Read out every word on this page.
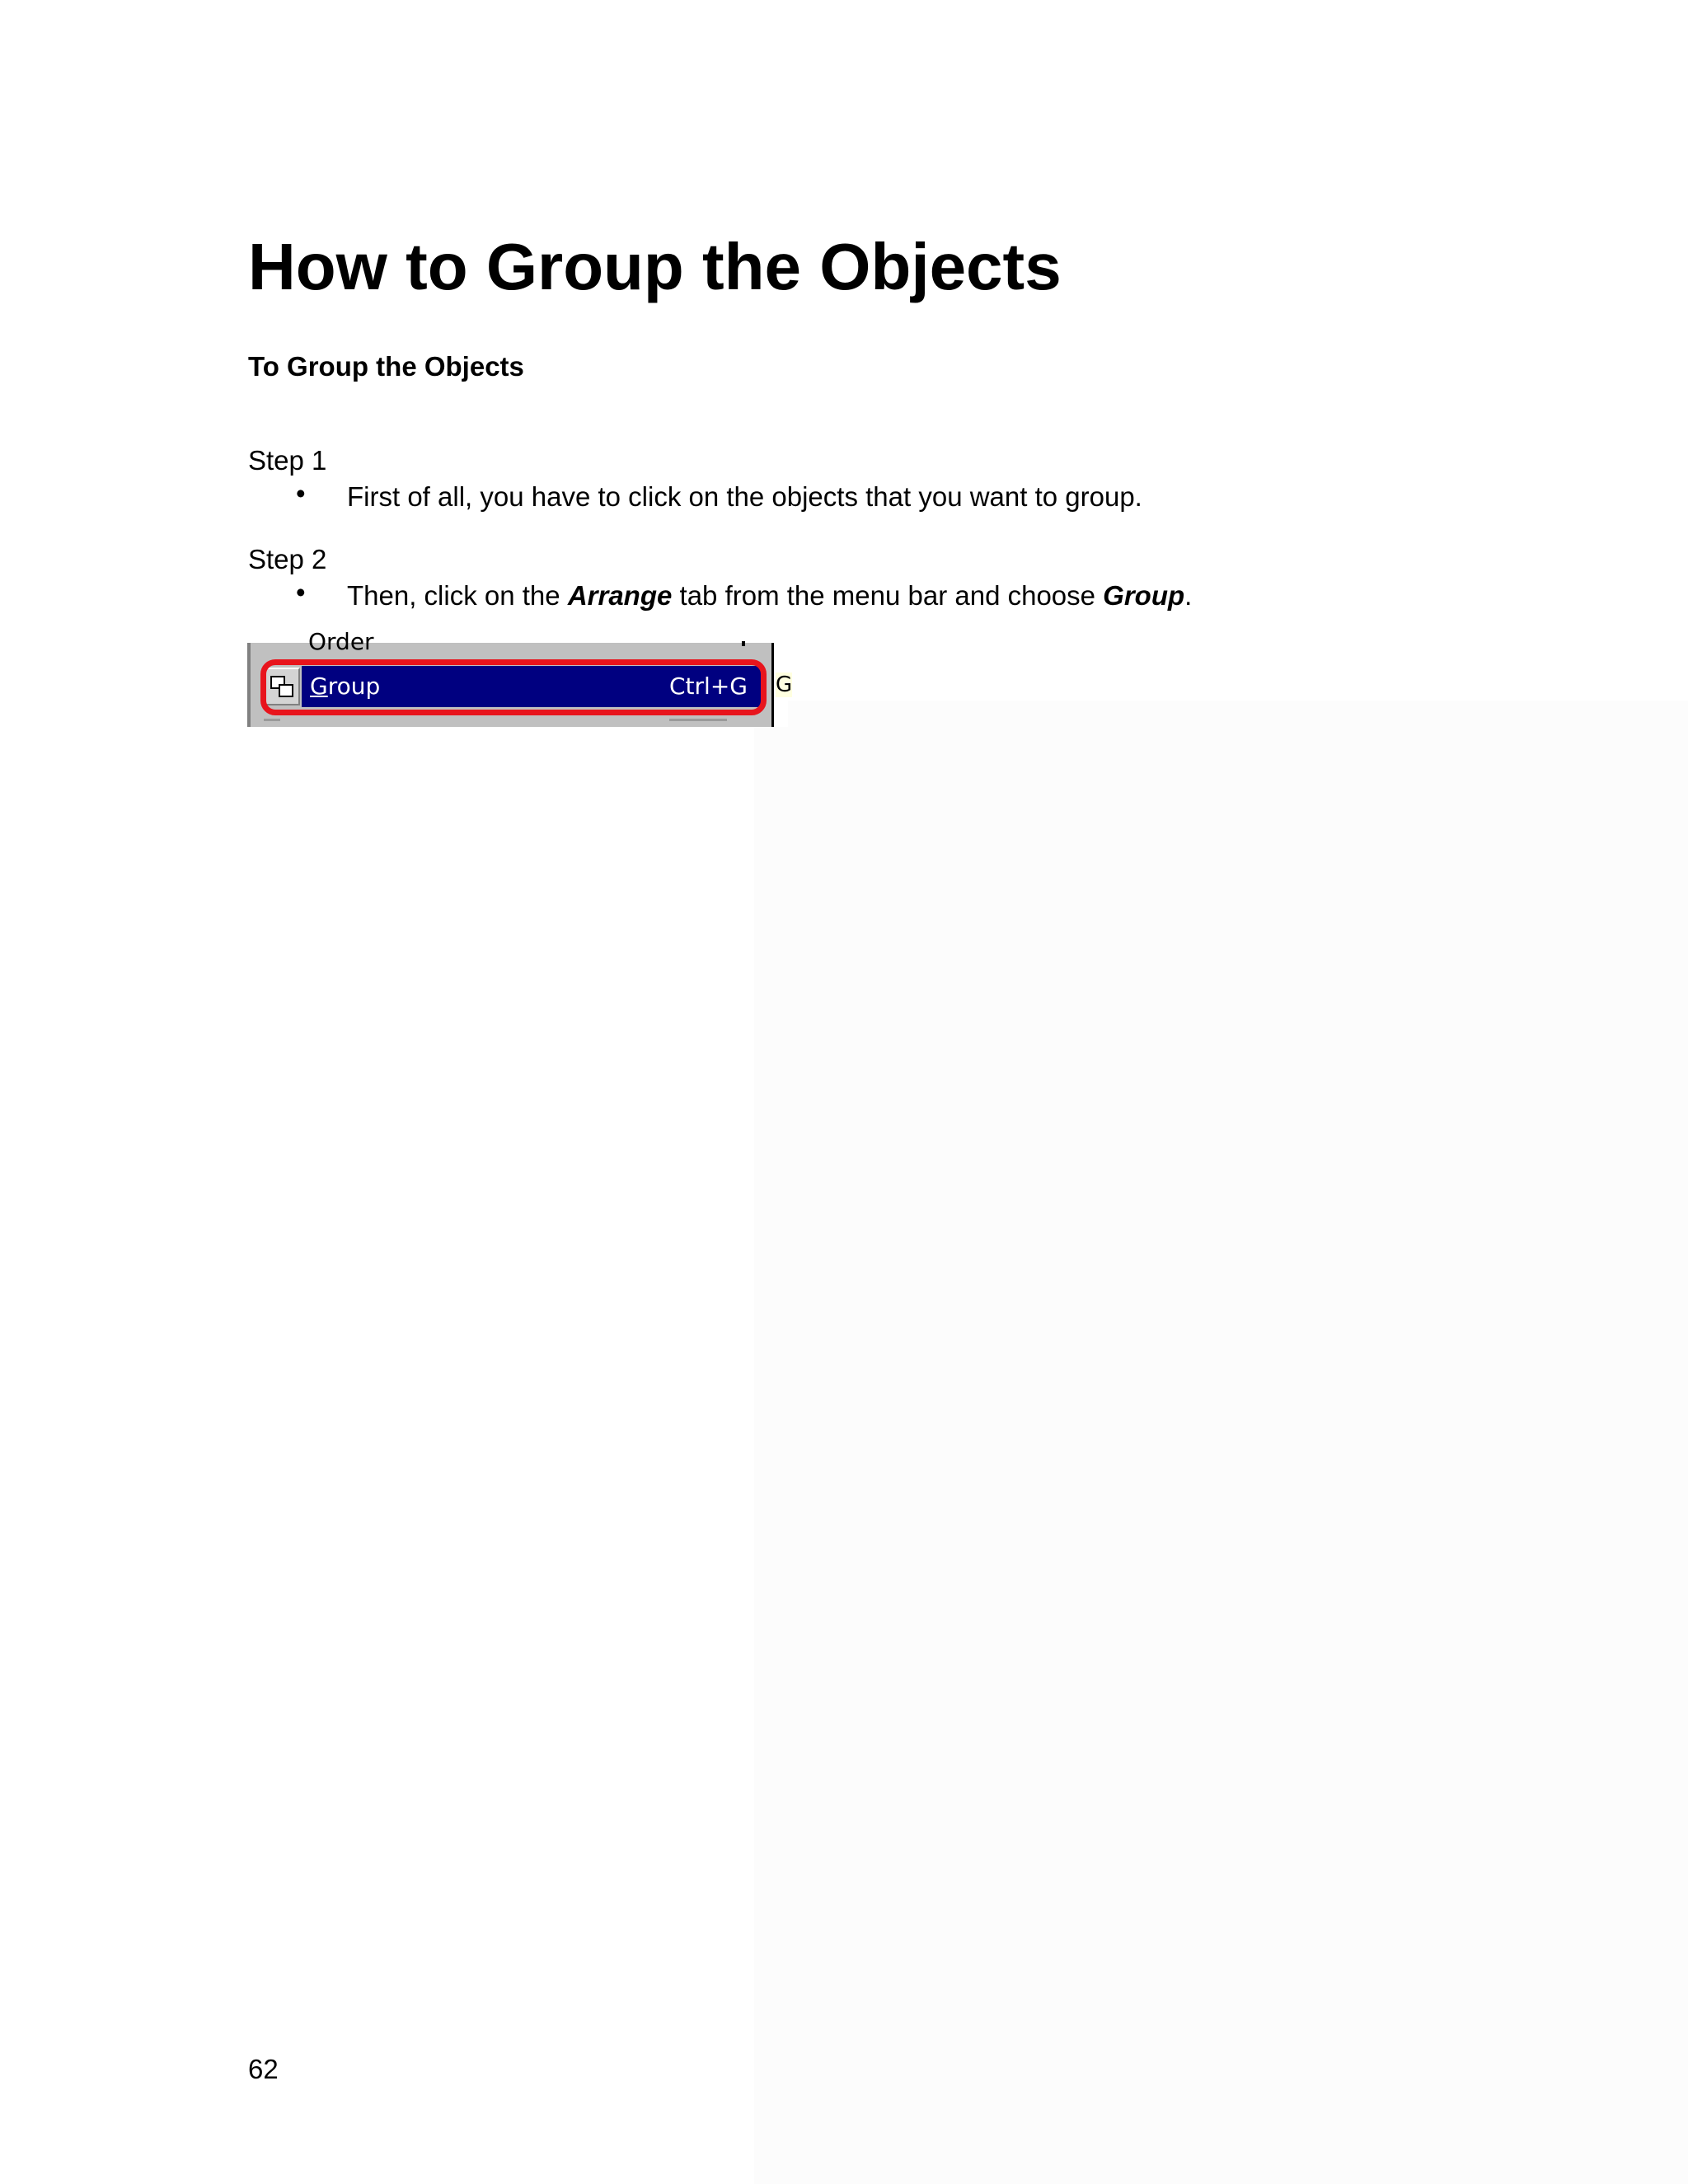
How to Group the Objects
To Group the Objects

Step 1

• First of all, you have to click on the objects that you want to group.

Step 2

• Then, click on the Arrange tab from the menu bar and choose Group.

Order
Group	Ctrl+G G

62
